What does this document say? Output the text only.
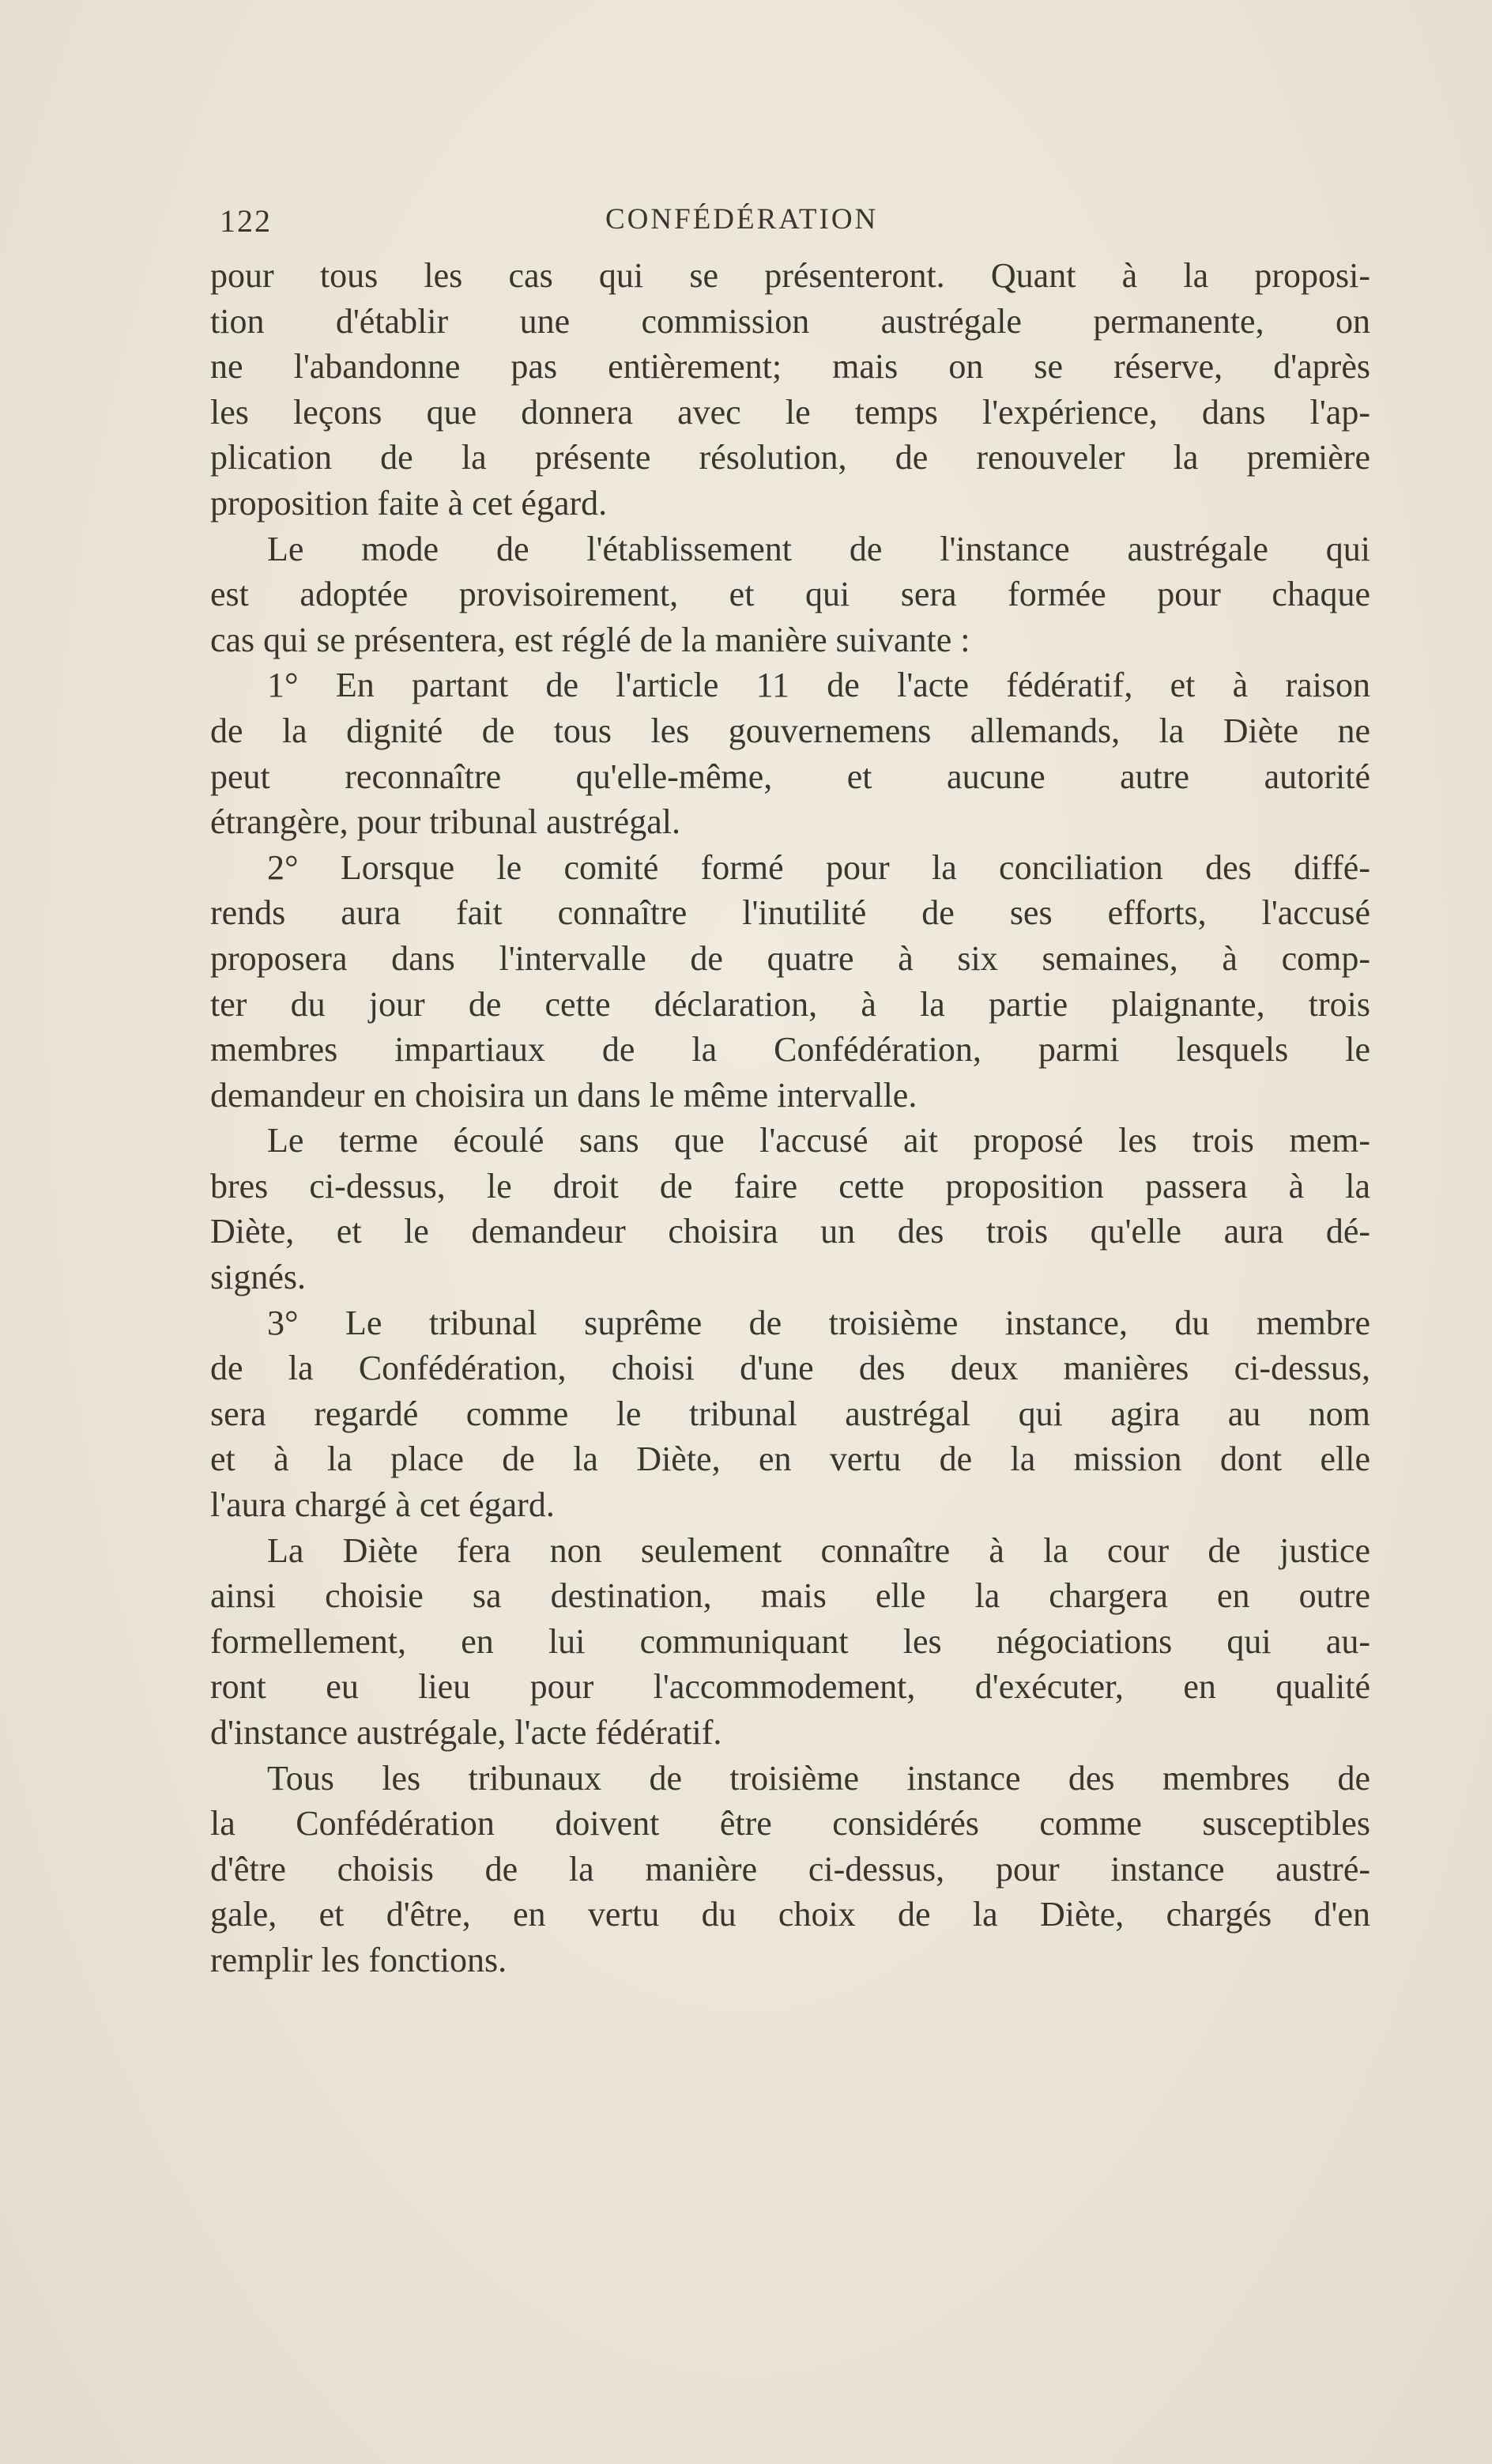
122	CONFÉDÉRATION
pour tous les cas qui se présenteront. Quant à la proposi-
tion d'établir une commission austrégale permanente, on
ne l'abandonne pas entièrement; mais on se réserve, d'après
les leçons que donnera avec le temps l'expérience, dans l'ap-
plication de la présente résolution, de renouveler la première
proposition faite à cet égard.
Le mode de l'établissement de l'instance austrégale qui
est adoptée provisoirement, et qui sera formée pour chaque
cas qui se présentera, est réglé de la manière suivante :
1° En partant de l'article 11 de l'acte fédératif, et à raison
de la dignité de tous les gouvernemens allemands, la Diète ne
peut reconnaître qu'elle-même, et aucune autre autorité
étrangère, pour tribunal austrégal.
2° Lorsque le comité formé pour la conciliation des diffé-
rends aura fait connaître l'inutilité de ses efforts, l'accusé
proposera dans l'intervalle de quatre à six semaines, à comp-
ter du jour de cette déclaration, à la partie plaignante, trois
membres impartiaux de la Confédération, parmi lesquels le
demandeur en choisira un dans le même intervalle.
Le terme écoulé sans que l'accusé ait proposé les trois mem-
bres ci-dessus, le droit de faire cette proposition passera à la
Diète, et le demandeur choisira un des trois qu'elle aura dé-
signés.
3° Le tribunal suprême de troisième instance, du membre
de la Confédération, choisi d'une des deux manières ci-dessus,
sera regardé comme le tribunal austrégal qui agira au nom
et à la place de la Diète, en vertu de la mission dont elle
l'aura chargé à cet égard.
La Diète fera non seulement connaître à la cour de justice
ainsi choisie sa destination, mais elle la chargera en outre
formellement, en lui communiquant les négociations qui au-
ront eu lieu pour l'accommodement, d'exécuter, en qualité
d'instance austrégale, l'acte fédératif.
Tous les tribunaux de troisième instance des membres de
la Confédération doivent être considérés comme susceptibles
d'être choisis de la manière ci-dessus, pour instance austré-
gale, et d'être, en vertu du choix de la Diète, chargés d'en
remplir les fonctions.
